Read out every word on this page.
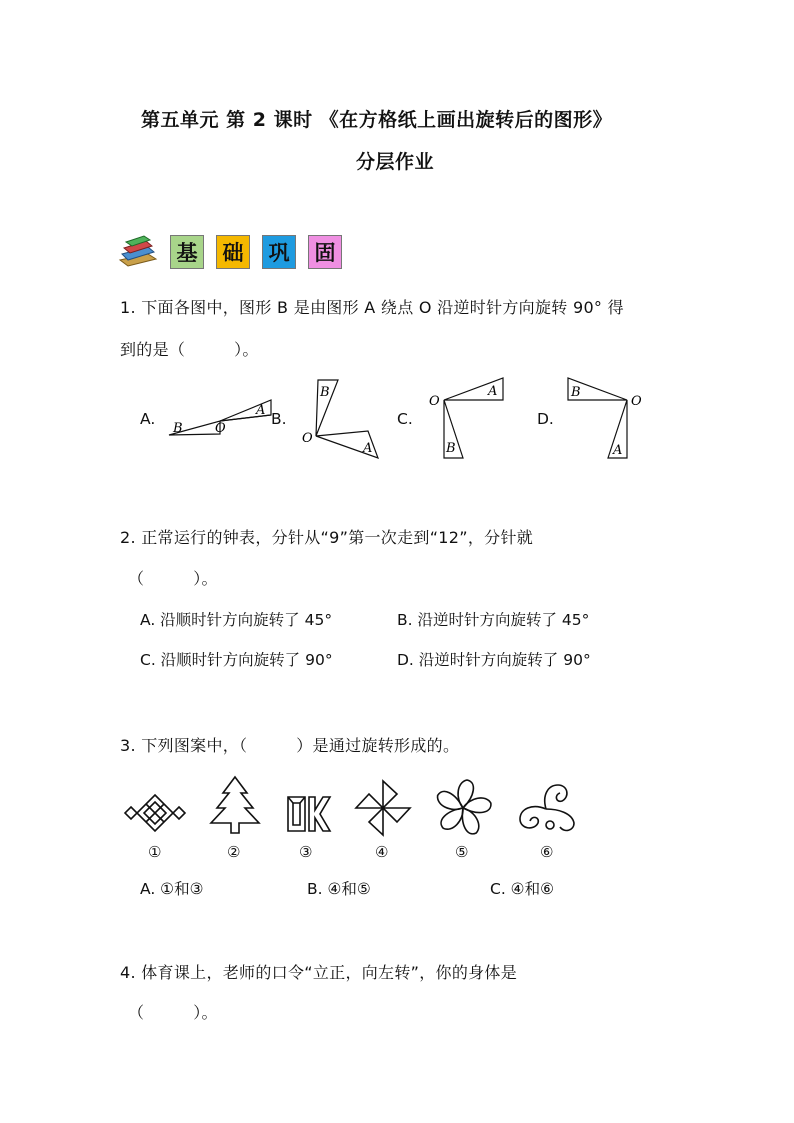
第五单元 第 2 课时 《在方格纸上画出旋转后的图形》
分层作业
基	础	巩	固
1. 下面各图中，图形 B 是由图形 A 绕点 O 沿逆时针方向旋转 90° 得
到的是（　　　）。
A.	B.	C.	D.
B O
A
B
O
A
A
O
B
B
O
A
2. 正常运行的钟表，分针从“9”第一次走到“12”，分针就
（　　　）。
A. 沿顺时针方向旋转了 45°	B. 沿逆时针方向旋转了 45°
C. 沿顺时针方向旋转了 90°	D. 沿逆时针方向旋转了 90°
3. 下列图案中，（　　　）是通过旋转形成的。
①	②	③	④	⑤	⑥
A. ①和③	B. ④和⑤	C. ④和⑥
4. 体育课上，老师的口令“立正，向左转”，你的身体是
（　　　）。
